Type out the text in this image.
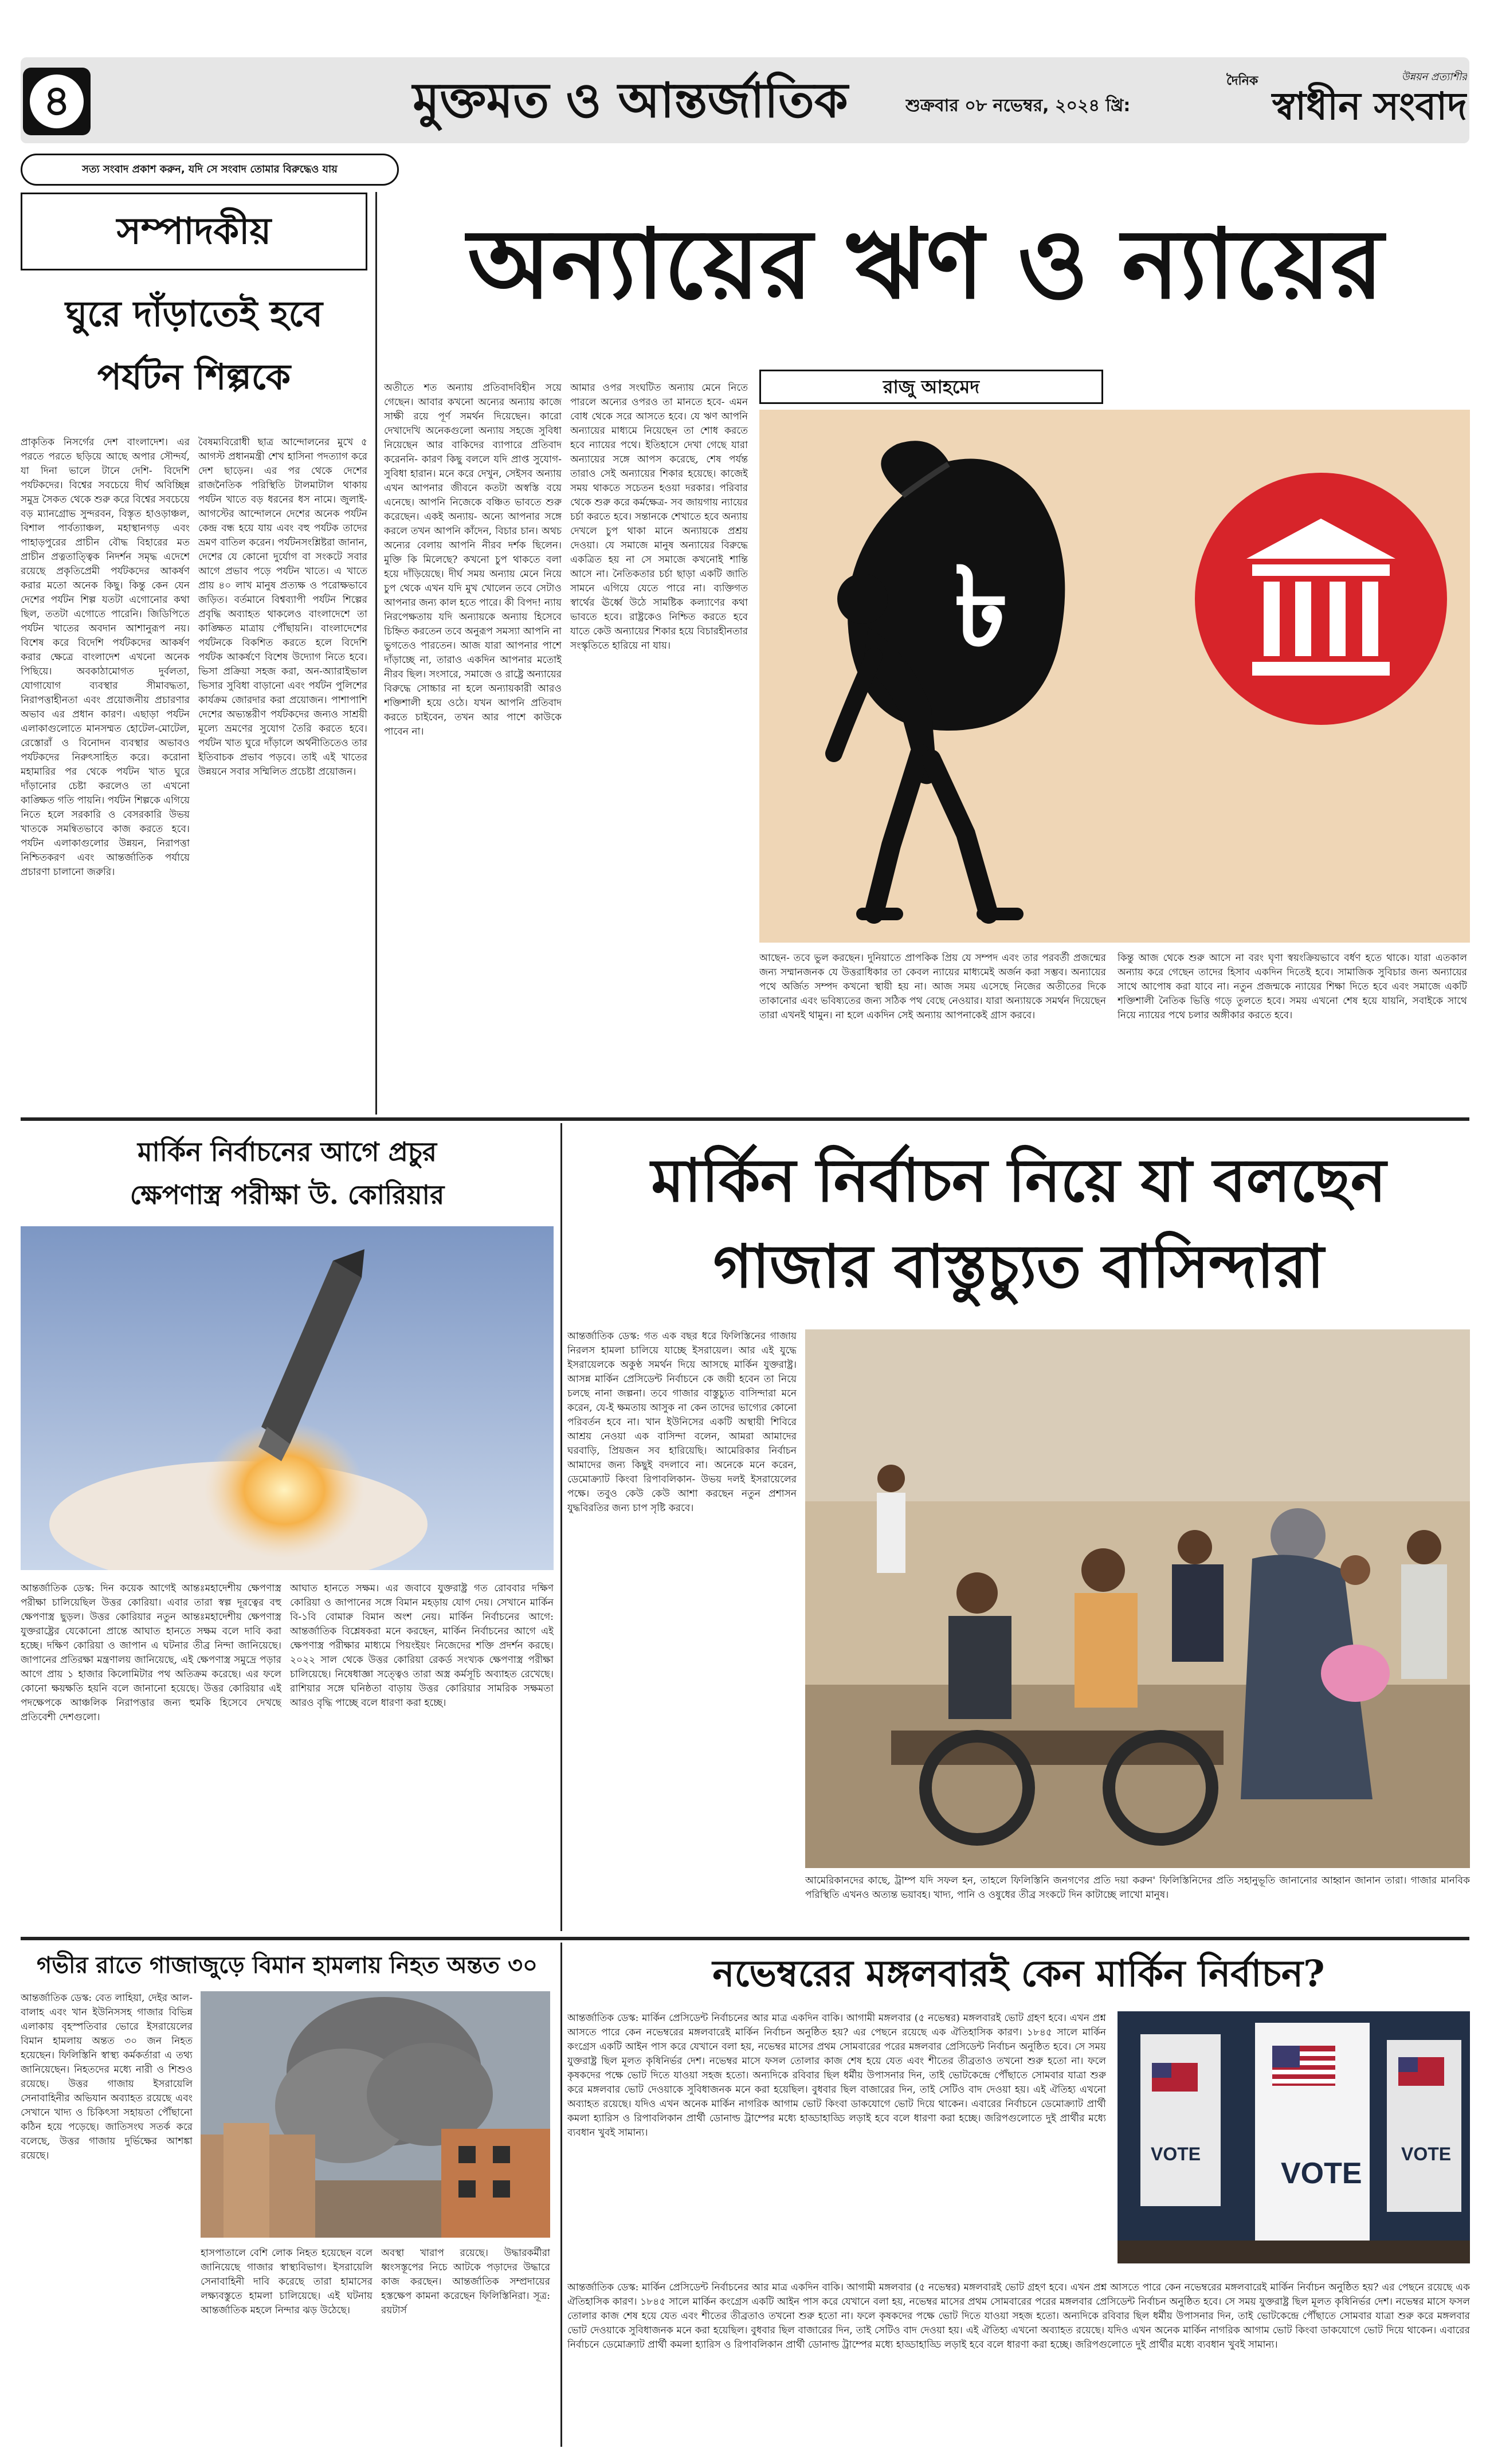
৪	মুক্তমত ও আন্তর্জাতিক	শুক্রবার ০৮ নভেম্বর, ২০২৪ খ্রি:
দৈনিক	উন্নয়ন প্রত্যাশীর
স্বাধীন সংবাদ
সত্য সংবাদ প্রকাশ করুন, যদি সে সংবাদ তোমার বিরুদ্ধেও যায়
সম্পাদকীয়
ঘুরে দাঁড়াতেই হবে
পর্যটন শিল্পকে
প্রাকৃতিক নিসর্গের দেশ বাংলাদেশ। এর পরতে পরতে ছড়িয়ে আছে অপার সৌন্দর্য, যা দিনা ভালে টানে দেশি- বিদেশি পর্যটকদের। বিশ্বের সবচেয়ে দীর্ঘ অবিচ্ছিন্ন সমুদ্র সৈকত থেকে শুরু করে বিশ্বের সবচেয়ে বড় ম্যানগ্রোভ সুন্দরবন, বিস্তৃত হাওড়াঞ্চল, বিশাল পার্বত্যাঞ্চল, মহাস্থানগড় এবং পাহাড়পুরের প্রাচীন বৌদ্ধ বিহারের মত প্রাচীন প্রত্নতাত্ত্বিক নিদর্শন সমৃদ্ধ এদেশে রয়েছে প্রকৃতিপ্রেমী পর্যটকদের আকর্ষণ করার মতো অনেক কিছু। কিন্তু কেন যেন দেশের পর্যটন শিল্প যতটা এগোনোর কথা ছিল, ততটা এগোতে পারেনি। জিডিপিতে পর্যটন খাতের অবদান আশানুরূপ নয়। বিশেষ করে বিদেশি পর্যটকদের আকর্ষণ করার ক্ষেত্রে বাংলাদেশ এখনো অনেক পিছিয়ে। অবকাঠামোগত দুর্বলতা, যোগাযোগ ব্যবস্থার সীমাবদ্ধতা, নিরাপত্তাহীনতা এবং প্রয়োজনীয় প্রচারণার অভাব এর প্রধান কারণ। এছাড়া পর্যটন এলাকাগুলোতে মানসম্মত হোটেল-মোটেল, রেস্তোরাঁ ও বিনোদন ব্যবস্থার অভাবও পর্যটকদের নিরুৎসাহিত করে। করোনা মহামারির পর থেকে পর্যটন খাত ঘুরে দাঁড়ানোর চেষ্টা করলেও তা এখনো কাঙ্ক্ষিত গতি পায়নি। পর্যটন শিল্পকে এগিয়ে নিতে হলে সরকারি ও বেসরকারি উভয় খাতকে সমন্বিতভাবে কাজ করতে হবে। পর্যটন এলাকাগুলোর উন্নয়ন, নিরাপত্তা নিশ্চিতকরণ এবং আন্তর্জাতিক পর্যায়ে প্রচারণা চালানো জরুরি।
বৈষম্যবিরোধী ছাত্র আন্দোলনের মুখে ৫ আগস্ট প্রধানমন্ত্রী শেখ হাসিনা পদত্যাগ করে দেশ ছাড়েন। এর পর থেকে দেশের রাজনৈতিক পরিস্থিতি টালমাটাল থাকায় পর্যটন খাতে বড় ধরনের ধস নামে। জুলাই-আগস্টের আন্দোলনে দেশের অনেক পর্যটন কেন্দ্র বন্ধ হয়ে যায় এবং বহু পর্যটক তাদের ভ্রমণ বাতিল করেন। পর্যটনসংশ্লিষ্টরা জানান, দেশের যে কোনো দুর্যোগ বা সংকটে সবার আগে প্রভাব পড়ে পর্যটন খাতে। এ খাতে প্রায় ৪০ লাখ মানুষ প্রত্যক্ষ ও পরোক্ষভাবে জড়িত। বর্তমানে বিশ্বব্যাপী পর্যটন শিল্পের প্রবৃদ্ধি অব্যাহত থাকলেও বাংলাদেশে তা কাঙ্ক্ষিত মাত্রায় পৌঁছায়নি। বাংলাদেশের পর্যটনকে বিকশিত করতে হলে বিদেশি পর্যটক আকর্ষণে বিশেষ উদ্যোগ নিতে হবে। ভিসা প্রক্রিয়া সহজ করা, অন-অ্যারাইভাল ভিসার সুবিধা বাড়ানো এবং পর্যটন পুলিশের কার্যক্রম জোরদার করা প্রয়োজন। পাশাপাশি দেশের অভ্যন্তরীণ পর্যটকদের জন্যও সাশ্রয়ী মূল্যে ভ্রমণের সুযোগ তৈরি করতে হবে। পর্যটন খাত ঘুরে দাঁড়ালে অর্থনীতিতেও তার ইতিবাচক প্রভাব পড়বে। তাই এই খাতের উন্নয়নে সবার সম্মিলিত প্রচেষ্টা প্রয়োজন।
অন্যায়ের ঋণ ও ন্যায়ের
রাজু আহমেদ
অতীতে শত অন্যায় প্রতিবাদবিহীন সয়ে গেছেন। আবার কখনো অন্যের অন্যায় কাজে সাক্ষী রয়ে পূর্ণ সমর্থন দিয়েছেন। কারো দেখাদেখি অনেকগুলো অন্যায় সহজে সুবিধা নিয়েছেন আর বাকিদের ব্যাপারে প্রতিবাদ করেননি- কারণ কিছু বললে যদি প্রাপ্ত সুযোগ-সুবিধা হারান। মনে করে দেখুন, সেইসব অন্যায় এখন আপনার জীবনে কতটা অস্বস্তি বয়ে এনেছে। আপনি নিজেকে বঞ্চিত ভাবতে শুরু করেছেন। একই অন্যায়- অন্যে আপনার সঙ্গে করলে তখন আপনি কাঁদেন, বিচার চান। অথচ অন্যের বেলায় আপনি নীরব দর্শক ছিলেন। মুক্তি কি মিলেছে? কখনো চুপ থাকতে বলা হয়ে দাঁড়িয়েছে। দীর্ঘ সময় অন্যায় মেনে নিয়ে চুপ থেকে এখন যদি মুখ খোলেন তবে সেটাও আপনার জন্য কাল হতে পারে। কী বিপদ! ন্যায় নিরপেক্ষতায় যদি অন্যায়কে অন্যায় হিসেবে চিহ্নিত করতেন তবে অনুরূপ সমস্যা আপনি না ভুগতেও পারতেন। আজ যারা আপনার পাশে দাঁড়াচ্ছে না, তারাও একদিন আপনার মতোই নীরব ছিল। সংসারে, সমাজে ও রাষ্ট্রে অন্যায়ের বিরুদ্ধে সোচ্চার না হলে অন্যায়কারী আরও শক্তিশালী হয়ে ওঠে। যখন আপনি প্রতিবাদ করতে চাইবেন, তখন আর পাশে কাউকে পাবেন না।
আমার ওপর সংঘটিত অন্যায় মেনে নিতে পারলে অন্যের ওপরও তা মানতে হবে- এমন বোধ থেকে সরে আসতে হবে। যে ঋণ আপনি অন্যায়ের মাধ্যমে নিয়েছেন তা শোধ করতে হবে ন্যায়ের পথে। ইতিহাসে দেখা গেছে যারা অন্যায়ের সঙ্গে আপস করেছে, শেষ পর্যন্ত তারাও সেই অন্যায়ের শিকার হয়েছে। কাজেই সময় থাকতে সচেতন হওয়া দরকার। পরিবার থেকে শুরু করে কর্মক্ষেত্র- সব জায়গায় ন্যায়ের চর্চা করতে হবে। সন্তানকে শেখাতে হবে অন্যায় দেখলে চুপ থাকা মানে অন্যায়কে প্রশ্রয় দেওয়া। যে সমাজে মানুষ অন্যায়ের বিরুদ্ধে একত্রিত হয় না সে সমাজে কখনোই শান্তি আসে না। নৈতিকতার চর্চা ছাড়া একটি জাতি সামনে এগিয়ে যেতে পারে না। ব্যক্তিগত স্বার্থের ঊর্ধ্বে উঠে সামষ্টিক কল্যাণের কথা ভাবতে হবে। রাষ্ট্রকেও নিশ্চিত করতে হবে যাতে কেউ অন্যায়ের শিকার হয়ে বিচারহীনতার সংস্কৃতিতে হারিয়ে না যায়।	৳
আছেন- তবে ভুল করছেন। দুনিয়াতে প্রাপকিক প্রিয় যে সম্পদ এবং তার পরবর্তী প্রজন্মের জন্য সম্মানজনক যে উত্তরাধিকার তা কেবল ন্যায়ের মাধ্যমেই অর্জন করা সম্ভব। অন্যায়ের পথে অর্জিত সম্পদ কখনো স্থায়ী হয় না। আজ সময় এসেছে নিজের অতীতের দিকে তাকানোর এবং ভবিষ্যতের জন্য সঠিক পথ বেছে নেওয়ার। যারা অন্যায়কে সমর্থন দিয়েছেন তারা এখনই থামুন। না হলে একদিন সেই অন্যায় আপনাকেই গ্রাস করবে।
কিন্তু আজ থেকে শুরু আসে না বরং ঘৃণা স্বয়ংক্রিয়ভাবে বর্ধণ হতে থাকে। যারা এতকাল অন্যায় করে গেছেন তাদের হিসাব একদিন দিতেই হবে। সামাজিক সুবিচার জন্য অন্যায়ের সাথে আপোষ করা যাবে না। নতুন প্রজন্মকে ন্যায়ের শিক্ষা দিতে হবে এবং সমাজে একটি শক্তিশালী নৈতিক ভিত্তি গড়ে তুলতে হবে। সময় এখনো শেষ হয়ে যায়নি, সবাইকে সাথে নিয়ে ন্যায়ের পথে চলার অঙ্গীকার করতে হবে।
মার্কিন নির্বাচনের আগে প্রচুর
ক্ষেপণাস্ত্র পরীক্ষা উ. কোরিয়ার
আন্তর্জাতিক ডেস্ক: দিন কয়েক আগেই আন্তঃমহাদেশীয় ক্ষেপণাস্ত্র পরীক্ষা চালিয়েছিল উত্তর কোরিয়া। এবার তারা স্বল্প দূরত্বের বহু ক্ষেপণাস্ত্র ছুড়ল। উত্তর কোরিয়ার নতুন আন্তঃমহাদেশীয় ক্ষেপণাস্ত্র যুক্তরাষ্ট্রের যেকোনো প্রান্তে আঘাত হানতে সক্ষম বলে দাবি করা হচ্ছে। দক্ষিণ কোরিয়া ও জাপান এ ঘটনার তীব্র নিন্দা জানিয়েছে। জাপানের প্রতিরক্ষা মন্ত্রণালয় জানিয়েছে, এই ক্ষেপণাস্ত্র সমুদ্রে পড়ার আগে প্রায় ১ হাজার কিলোমিটার পথ অতিক্রম করেছে। এর ফলে কোনো ক্ষয়ক্ষতি হয়নি বলে জানানো হয়েছে। উত্তর কোরিয়ার এই পদক্ষেপকে আঞ্চলিক নিরাপত্তার জন্য হুমকি হিসেবে দেখছে প্রতিবেশী দেশগুলো।
আঘাত হানতে সক্ষম। এর জবাবে যুক্তরাষ্ট্র গত রোববার দক্ষিণ কোরিয়া ও জাপানের সঙ্গে বিমান মহড়ায় যোগ দেয়। সেখানে মার্কিন বি-১বি বোমারু বিমান অংশ নেয়। মার্কিন নির্বাচনের আগে: আন্তর্জাতিক বিশ্লেষকরা মনে করছেন, মার্কিন নির্বাচনের আগে এই ক্ষেপণাস্ত্র পরীক্ষার মাধ্যমে পিয়ংইয়ং নিজেদের শক্তি প্রদর্শন করছে। ২০২২ সাল থেকে উত্তর কোরিয়া রেকর্ড সংখ্যক ক্ষেপণাস্ত্র পরীক্ষা চালিয়েছে। নিষেধাজ্ঞা সত্ত্বেও তারা অস্ত্র কর্মসূচি অব্যাহত রেখেছে। রাশিয়ার সঙ্গে ঘনিষ্ঠতা বাড়ায় উত্তর কোরিয়ার সামরিক সক্ষমতা আরও বৃদ্ধি পাচ্ছে বলে ধারণা করা হচ্ছে।
মার্কিন নির্বাচন নিয়ে যা বলছেন
গাজার বাস্তুচ্যুত বাসিন্দারা
আন্তর্জাতিক ডেস্ক: গত এক বছর ধরে ফিলিস্তিনের গাজায় নিরলস হামলা চালিয়ে যাচ্ছে ইসরায়েল। আর এই যুদ্ধে ইসরায়েলকে অকুণ্ঠ সমর্থন দিয়ে আসছে মার্কিন যুক্তরাষ্ট্র। আসন্ন মার্কিন প্রেসিডেন্ট নির্বাচনে কে জয়ী হবেন তা নিয়ে চলছে নানা জল্পনা। তবে গাজার বাস্তুচ্যুত বাসিন্দারা মনে করেন, যে-ই ক্ষমতায় আসুক না কেন তাদের ভাগ্যের কোনো পরিবর্তন হবে না। খান ইউনিসের একটি অস্থায়ী শিবিরে আশ্রয় নেওয়া এক বাসিন্দা বলেন, আমরা আমাদের ঘরবাড়ি, প্রিয়জন সব হারিয়েছি। আমেরিকার নির্বাচন আমাদের জন্য কিছুই বদলাবে না। অনেকে মনে করেন, ডেমোক্র্যাট কিংবা রিপাবলিকান- উভয় দলই ইসরায়েলের পক্ষে। তবুও কেউ কেউ আশা করছেন নতুন প্রশাসন যুদ্ধবিরতির জন্য চাপ সৃষ্টি করবে।
আমেরিকানদের কাছে, ট্রাম্প যদি সফল হন, তাহলে ফিলিস্তিনি জনগণের প্রতি দয়া করুন' ফিলিস্তিনিদের প্রতি সহানুভূতি জানানোর আহ্বান জানান তারা। গাজার মানবিক পরিস্থিতি এখনও অত্যন্ত ভয়াবহ। খাদ্য, পানি ও ওষুধের তীব্র সংকটে দিন কাটাচ্ছে লাখো মানুষ।
গভীর রাতে গাজাজুড়ে বিমান হামলায় নিহত অন্তত ৩০
আন্তর্জাতিক ডেস্ক: বেত লাহিয়া, দেইর আল-বালাহ এবং খান ইউনিসসহ গাজার বিভিন্ন এলাকায় বৃহস্পতিবার ভোরে ইসরায়েলের বিমান হামলায় অন্তত ৩০ জন নিহত হয়েছেন। ফিলিস্তিনি স্বাস্থ্য কর্মকর্তারা এ তথ্য জানিয়েছেন। নিহতদের মধ্যে নারী ও শিশুও রয়েছে। উত্তর গাজায় ইসরায়েলি সেনাবাহিনীর অভিযান অব্যাহত রয়েছে এবং সেখানে খাদ্য ও চিকিৎসা সহায়তা পৌঁছানো কঠিন হয়ে পড়েছে। জাতিসংঘ সতর্ক করে বলেছে, উত্তর গাজায় দুর্ভিক্ষের আশঙ্কা রয়েছে।
হাসপাতালে বেশি লোক নিহত হয়েছেন বলে জানিয়েছে গাজার স্বাস্থ্যবিভাগ। ইসরায়েলি সেনাবাহিনী দাবি করেছে তারা হামাসের লক্ষ্যবস্তুতে হামলা চালিয়েছে। এই ঘটনায় আন্তর্জাতিক মহলে নিন্দার ঝড় উঠেছে।
অবস্থা খারাপ রয়েছে। উদ্ধারকর্মীরা ধ্বংসস্তূপের নিচে আটকে পড়াদের উদ্ধারে কাজ করছেন। আন্তর্জাতিক সম্প্রদায়ের হস্তক্ষেপ কামনা করেছেন ফিলিস্তিনিরা। সূত্র: রয়টার্স
নভেম্বরের মঙ্গলবারই কেন মার্কিন নির্বাচন?
আন্তর্জাতিক ডেস্ক: মার্কিন প্রেসিডেন্ট নির্বাচনের আর মাত্র একদিন বাকি। আগামী মঙ্গলবার (৫ নভেম্বর) মঙ্গলবারই ভোট গ্রহণ হবে। এখন প্রশ্ন আসতে পারে কেন নভেম্বরের মঙ্গলবারেই মার্কিন নির্বাচন অনুষ্ঠিত হয়? এর পেছনে রয়েছে এক ঐতিহাসিক কারণ। ১৮৪৫ সালে মার্কিন কংগ্রেস একটি আইন পাস করে যেখানে বলা হয়, নভেম্বর মাসের প্রথম সোমবারের পরের মঙ্গলবার প্রেসিডেন্ট নির্বাচন অনুষ্ঠিত হবে। সে সময় যুক্তরাষ্ট্র ছিল মূলত কৃষিনির্ভর দেশ। নভেম্বর মাসে ফসল তোলার কাজ শেষ হয়ে যেত এবং শীতের তীব্রতাও তখনো শুরু হতো না। ফলে কৃষকদের পক্ষে ভোট দিতে যাওয়া সহজ হতো। অন্যদিকে রবিবার ছিল ধর্মীয় উপাসনার দিন, তাই ভোটকেন্দ্রে পৌঁছাতে সোমবার যাত্রা শুরু করে মঙ্গলবার ভোট দেওয়াকে সুবিধাজনক মনে করা হয়েছিল। বুধবার ছিল বাজারের দিন, তাই সেটিও বাদ দেওয়া হয়। এই ঐতিহ্য এখনো অব্যাহত রয়েছে। যদিও এখন অনেক মার্কিন নাগরিক আগাম ভোট কিংবা ডাকযোগে ভোট দিয়ে থাকেন। এবারের নির্বাচনে ডেমোক্র্যাট প্রার্থী কমলা হ্যারিস ও রিপাবলিকান প্রার্থী ডোনাল্ড ট্রাম্পের মধ্যে হাড্ডাহাড্ডি লড়াই হবে বলে ধারণা করা হচ্ছে। জরিপগুলোতে দুই প্রার্থীর মধ্যে ব্যবধান খুবই সামান্য।
VOTE
VOTE
VOTE
আন্তর্জাতিক ডেস্ক: মার্কিন প্রেসিডেন্ট নির্বাচনের আর মাত্র একদিন বাকি। আগামী মঙ্গলবার (৫ নভেম্বর) মঙ্গলবারই ভোট গ্রহণ হবে। এখন প্রশ্ন আসতে পারে কেন নভেম্বরের মঙ্গলবারেই মার্কিন নির্বাচন অনুষ্ঠিত হয়? এর পেছনে রয়েছে এক ঐতিহাসিক কারণ। ১৮৪৫ সালে মার্কিন কংগ্রেস একটি আইন পাস করে যেখানে বলা হয়, নভেম্বর মাসের প্রথম সোমবারের পরের মঙ্গলবার প্রেসিডেন্ট নির্বাচন অনুষ্ঠিত হবে। সে সময় যুক্তরাষ্ট্র ছিল মূলত কৃষিনির্ভর দেশ। নভেম্বর মাসে ফসল তোলার কাজ শেষ হয়ে যেত এবং শীতের তীব্রতাও তখনো শুরু হতো না। ফলে কৃষকদের পক্ষে ভোট দিতে যাওয়া সহজ হতো। অন্যদিকে রবিবার ছিল ধর্মীয় উপাসনার দিন, তাই ভোটকেন্দ্রে পৌঁছাতে সোমবার যাত্রা শুরু করে মঙ্গলবার ভোট দেওয়াকে সুবিধাজনক মনে করা হয়েছিল। বুধবার ছিল বাজারের দিন, তাই সেটিও বাদ দেওয়া হয়। এই ঐতিহ্য এখনো অব্যাহত রয়েছে। যদিও এখন অনেক মার্কিন নাগরিক আগাম ভোট কিংবা ডাকযোগে ভোট দিয়ে থাকেন। এবারের নির্বাচনে ডেমোক্র্যাট প্রার্থী কমলা হ্যারিস ও রিপাবলিকান প্রার্থী ডোনাল্ড ট্রাম্পের মধ্যে হাড্ডাহাড্ডি লড়াই হবে বলে ধারণা করা হচ্ছে। জরিপগুলোতে দুই প্রার্থীর মধ্যে ব্যবধান খুবই সামান্য।
